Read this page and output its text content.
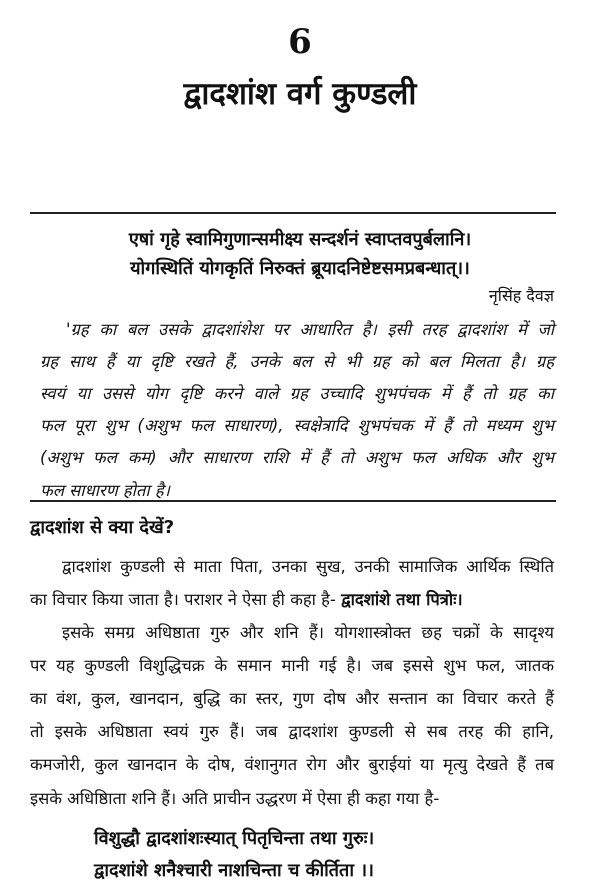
6
द्वादशांश वर्ग कुण्डली
एषां गृहे स्वामिगुणान्समीक्ष्य सन्दर्शनं स्वाप्तवपुर्बलानि।
योगस्थितिं योगकृतिं निरुक्तं ब्रूयादनिष्टेष्टसमप्रबन्धात्।।
नृसिंह दैवज्ञ
'ग्रह का बल उसके द्वादशांशेश पर आधारित है। इसी तरह द्वादशांश में जो
ग्रह साथ हैं या दृष्टि रखते हैं, उनके बल से भी ग्रह को बल मिलता है। ग्रह
स्वयं या उससे योग दृष्टि करने वाले ग्रह उच्चादि शुभपंचक में हैं तो ग्रह का
फल पूरा शुभ (अशुभ फल साधारण), स्वक्षेत्रादि शुभपंचक में हैं तो मध्यम शुभ
(अशुभ फल कम) और साधारण राशि में हैं तो अशुभ फल अधिक और शुभ
फल साधारण होता है।
द्वादशांश से क्या देखें?
द्वादशांश कुण्डली से माता पिता, उनका सुख, उनकी सामाजिक आर्थिक स्थिति
का विचार किया जाता है। पराशर ने ऐसा ही कहा है- द्वादशांशे तथा पित्रोः।
इसके समग्र अधिष्ठाता गुरु और शनि हैं। योगशास्त्रोक्त छह चक्रों के सादृश्य
पर यह कुण्डली विशुद्धिचक्र के समान मानी गई है। जब इससे शुभ फल, जातक
का वंश, कुल, खानदान, बुद्धि का स्तर, गुण दोष और सन्तान का विचार करते हैं
तो इसके अधिष्ठाता स्वयं गुरु हैं। जब द्वादशांश कुण्डली से सब तरह की हानि,
कमजोरी, कुल खानदान के दोष, वंशानुगत रोग और बुराईयां या मृत्यु देखते हैं तब
इसके अधिष्ठिाता शनि हैं। अति प्राचीन उद्धरण में ऐसा ही कहा गया है-
विशुद्धौ द्वादशांशःस्यात् पितृचिन्ता तथा गुरुः।
द्वादशांशे शनैश्चारी नाशचिन्ता च कीर्तिता ।।
